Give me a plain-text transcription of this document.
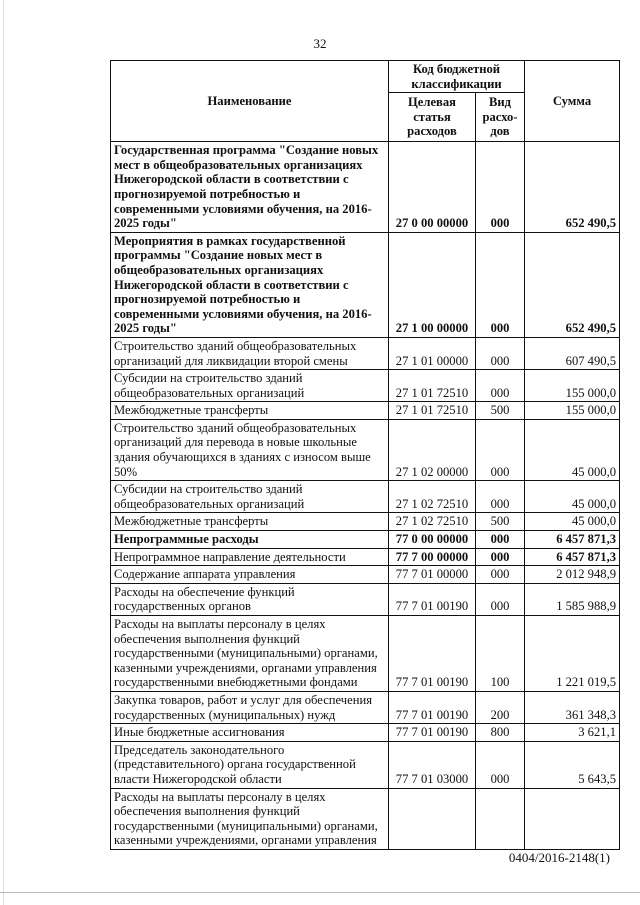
32
Наименование	Код бюджетной классификации		Сумма
	Целевая статья расходов	Вид расхо-дов	
Государственная программа "Создание новых мест в общеобразовательных организациях Нижегородской области в соответствии с прогнозируемой потребностью и современными условиями обучения, на 2016-2025 годы"	27 0 00 00000	000	652 490,5
Мероприятия в рамках государственной программы "Создание новых мест в общеобразовательных организациях Нижегородской области в соответствии с прогнозируемой потребностью и современными условиями обучения, на 2016-2025 годы"	27 1 00 00000	000	652 490,5
Строительство зданий общеобразовательных организаций для ликвидации второй смены	27 1 01 00000	000	607 490,5
Субсидии на строительство зданий общеобразовательных организаций	27 1 01 72510	000	155 000,0
Межбюджетные трансферты	27 1 01 72510	500	155 000,0
Строительство зданий общеобразовательных организаций для перевода в новые школьные здания обучающихся в зданиях с износом выше 50%	27 1 02 00000	000	45 000,0
Субсидии на строительство зданий общеобразовательных организаций	27 1 02 72510	000	45 000,0
Межбюджетные трансферты	27 1 02 72510	500	45 000,0
Непрограммные расходы	77 0 00 00000	000	6 457 871,3
Непрограммное направление деятельности	77 7 00 00000	000	6 457 871,3
Содержание аппарата управления	77 7 01 00000	000	2 012 948,9
Расходы на обеспечение функций государственных органов	77 7 01 00190	000	1 585 988,9
Расходы на выплаты персоналу в целях обеспечения выполнения функций государственными (муниципальными) органами, казенными учреждениями, органами управления государственными внебюджетными фондами	77 7 01 00190	100	1 221 019,5
Закупка товаров, работ и услуг для обеспечения государственных (муниципальных) нужд	77 7 01 00190	200	361 348,3
Иные бюджетные ассигнования	77 7 01 00190	800	3 621,1
Председатель законодательного (представительного) органа государственной власти Нижегородской области	77 7 01 03000	000	5 643,5
Расходы на выплаты персоналу в целях обеспечения выполнения функций государственными (муниципальными) органами, казенными учреждениями, органами управления			
0404/2016-2148(1)
